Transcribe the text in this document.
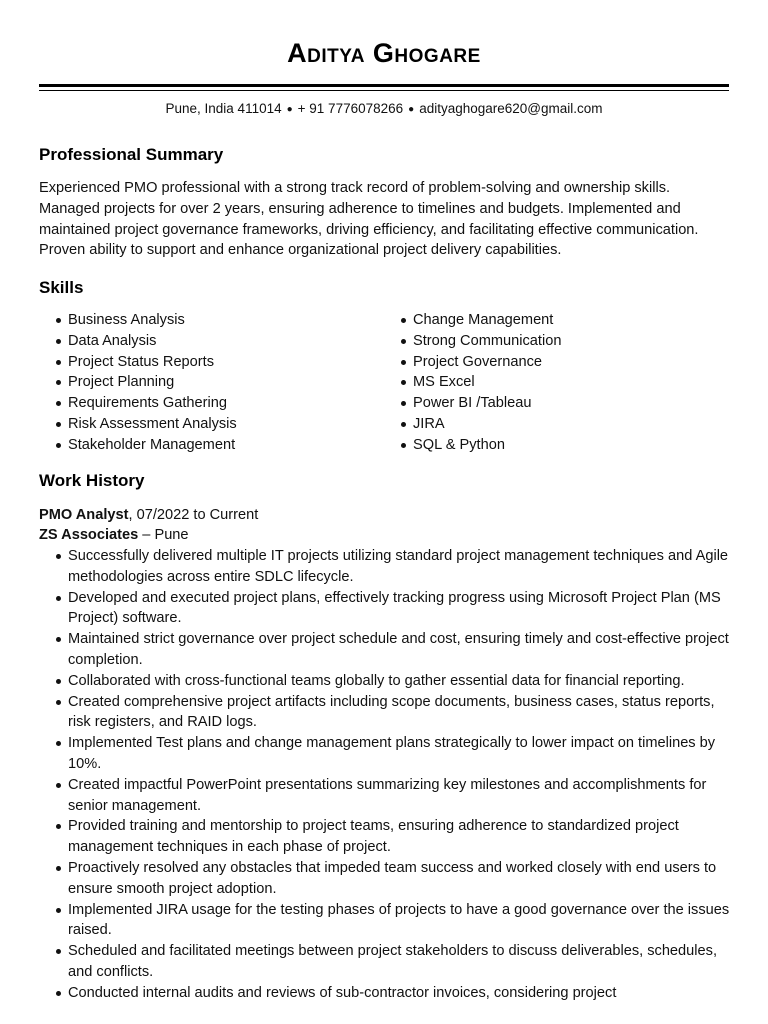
Aditya Ghogare
Pune, India 411014 ● + 91 7776078266 ● adityaghogare620@gmail.com
Professional Summary
Experienced PMO professional with a strong track record of problem-solving and ownership skills. Managed projects for over 2 years, ensuring adherence to timelines and budgets. Implemented and maintained project governance frameworks, driving efficiency, and facilitating effective communication. Proven ability to support and enhance organizational project delivery capabilities.
Skills
Business Analysis
Data Analysis
Project Status Reports
Project Planning
Requirements Gathering
Risk Assessment Analysis
Stakeholder Management
Change Management
Strong Communication
Project Governance
MS Excel
Power BI /Tableau
JIRA
SQL & Python
Work History
PMO Analyst, 07/2022 to Current
ZS Associates – Pune
Successfully delivered multiple IT projects utilizing standard project management techniques and Agile methodologies across entire SDLC lifecycle.
Developed and executed project plans, effectively tracking progress using Microsoft Project Plan (MS Project) software.
Maintained strict governance over project schedule and cost, ensuring timely and cost-effective project completion.
Collaborated with cross-functional teams globally to gather essential data for financial reporting.
Created comprehensive project artifacts including scope documents, business cases, status reports, risk registers, and RAID logs.
Implemented Test plans and change management plans strategically to lower impact on timelines by 10%.
Created impactful PowerPoint presentations summarizing key milestones and accomplishments for senior management.
Provided training and mentorship to project teams, ensuring adherence to standardized project management techniques in each phase of project.
Proactively resolved any obstacles that impeded team success and worked closely with end users to ensure smooth project adoption.
Implemented JIRA usage for the testing phases of projects to have a good governance over the issues raised.
Scheduled and facilitated meetings between project stakeholders to discuss deliverables, schedules, and conflicts.
Conducted internal audits and reviews of sub-contractor invoices, considering project
